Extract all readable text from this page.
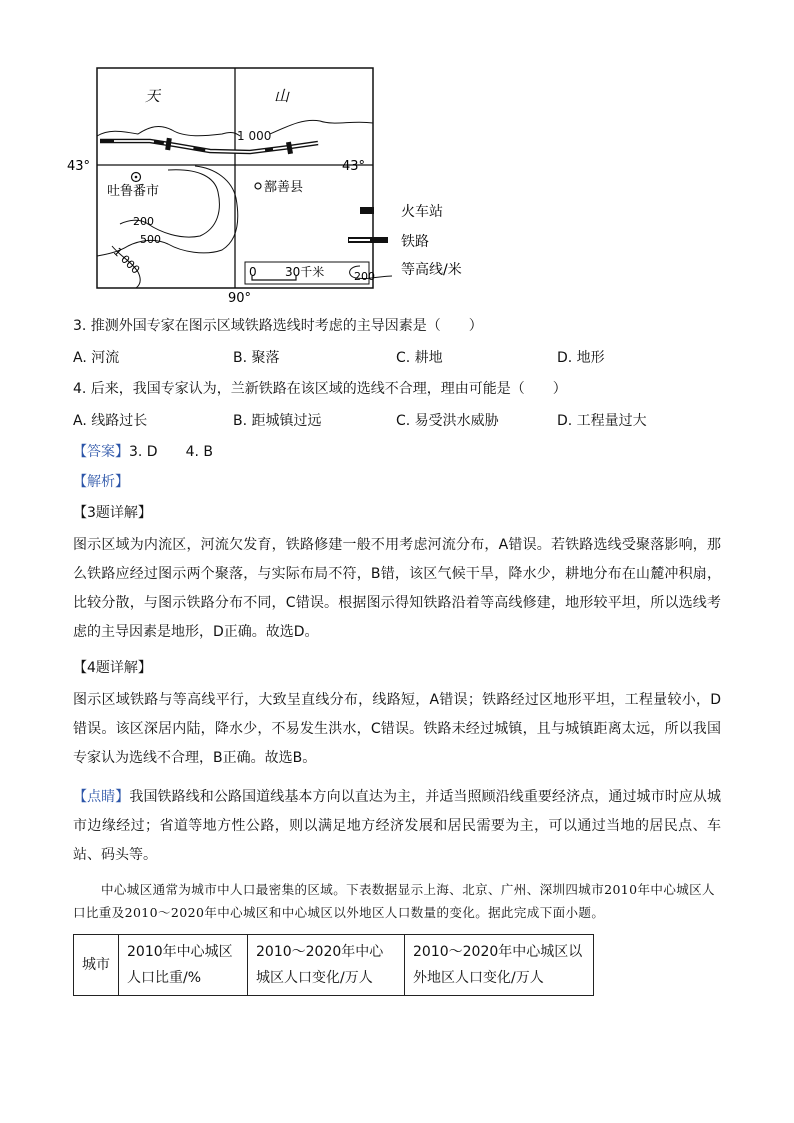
天	山
1 000
43°	43°
吐鲁番市	鄯善县
200
500
1 000	0 30千米
90°
火车站
铁路
200 等高线/米
3. 推测外国专家在图示区域铁路选线时考虑的主导因素是（　　）
A. 河流	B. 聚落	C. 耕地	D. 地形
4. 后来，我国专家认为，兰新铁路在该区域的选线不合理，理由可能是（　　）
A. 线路过长	B. 距城镇过远	C. 易受洪水威胁	D. 工程量过大
【答案】3. D　　4. B
【解析】
【3题详解】
图示区域为内流区，河流欠发育，铁路修建一般不用考虑河流分布，A错误。若铁路选线受聚落影响，那么铁路应经过图示两个聚落，与实际布局不符，B错，该区气候干旱，降水少，耕地分布在山麓冲积扇，比较分散，与图示铁路分布不同，C错误。根据图示得知铁路沿着等高线修建，地形较平坦，所以选线考虑的主导因素是地形，D正确。故选D。
【4题详解】
图示区域铁路与等高线平行，大致呈直线分布，线路短，A错误；铁路经过区地形平坦，工程量较小，D错误。该区深居内陆，降水少，不易发生洪水，C错误。铁路未经过城镇，且与城镇距离太远，所以我国专家认为选线不合理，B正确。故选B。
【点睛】我国铁路线和公路国道线基本方向以直达为主，并适当照顾沿线重要经济点，通过城市时应从城市边缘经过；省道等地方性公路，则以满足地方经济发展和居民需要为主，可以通过当地的居民点、车站、码头等。
中心城区通常为城市中人口最密集的区域。下表数据显示上海、北京、广州、深圳四城市2010年中心城区人口比重及2010～2020年中心城区和中心城区以外地区人口数量的变化。据此完成下面小题。
城市	2010年中心城区人口比重/%	2010～2020年中心城区人口变化/万人	2010～2020年中心城区以外地区人口变化/万人
